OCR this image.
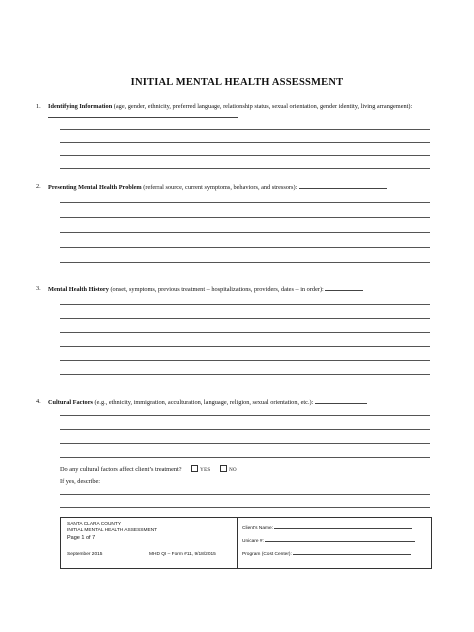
INITIAL MENTAL HEALTH ASSESSMENT
1. Identifying Information (age, gender, ethnicity, preferred language, relationship status, sexual orientation, gender identity, living arrangement):
2. Presenting Mental Health Problem (referral source, current symptoms, behaviors, and stressors):
3. Mental Health History (onset, symptoms, previous treatment – hospitalizations, providers, dates – in order):
4. Cultural Factors (e.g., ethnicity, immigration, acculturation, language, religion, sexual orientation, etc.):
Do any cultural factors affect client’s treatment?	YES	NO
If yes, describe:
SANTA CLARA COUNTY
INITIAL MENTAL HEALTH ASSESSMENT
Page 1 of 7
September 2015	MHD QI – Form #11, 9/18/2015
Client's Name:
Unicare #:
Program (Cost Center):
